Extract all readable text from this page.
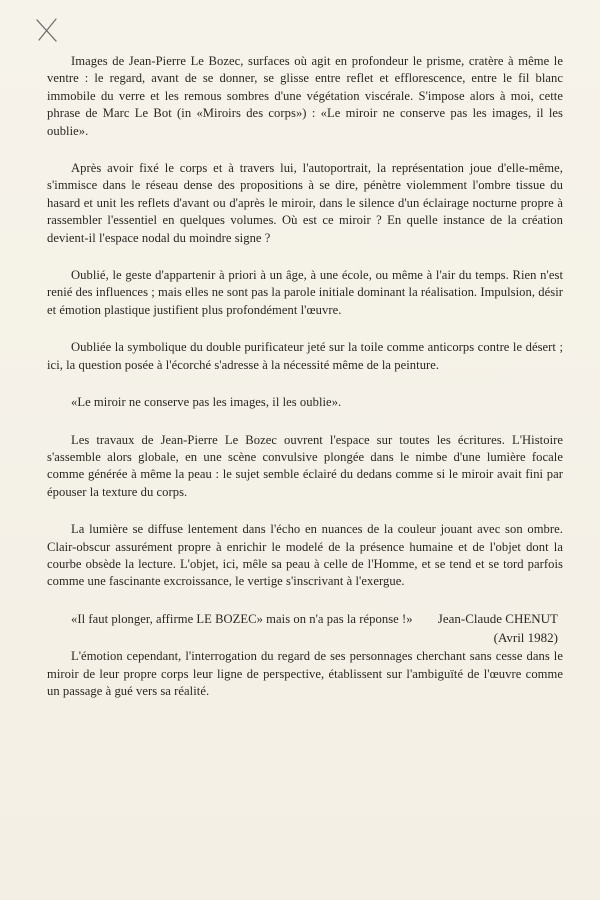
Images de Jean-Pierre Le Bozec, surfaces où agit en profondeur le prisme, cratère à même le ventre : le regard, avant de se donner, se glisse entre reflet et efflorescence, entre le fil blanc immobile du verre et les remous sombres d'une végétation viscérale. S'impose alors à moi, cette phrase de Marc Le Bot (in «Miroirs des corps») : «Le miroir ne conserve pas les images, il les oublie».

Après avoir fixé le corps et à travers lui, l'autoportrait, la représentation joue d'elle-même, s'immisce dans le réseau dense des propositions à se dire, pénètre violemment l'ombre tissue du hasard et unit les reflets d'avant ou d'après le miroir, dans le silence d'un éclairage nocturne propre à rassembler l'essentiel en quelques volumes. Où est ce miroir ? En quelle instance de la création devient-il l'espace nodal du moindre signe ?

Oublié, le geste d'appartenir à priori à un âge, à une école, ou même à l'air du temps. Rien n'est renié des influences ; mais elles ne sont pas la parole initiale dominant la réalisation. Impulsion, désir et émotion plastique justifient plus profondément l'œuvre.

Oubliée la symbolique du double purificateur jeté sur la toile comme anticorps contre le désert ; ici, la question posée à l'écorché s'adresse à la nécessité même de la peinture.

«Le miroir ne conserve pas les images, il les oublie».

Les travaux de Jean-Pierre Le Bozec ouvrent l'espace sur toutes les écritures. L'Histoire s'assemble alors globale, en une scène convulsive plongée dans le nimbe d'une lumière focale comme générée à même la peau : le sujet semble éclairé du dedans comme si le miroir avait fini par épouser la texture du corps.

La lumière se diffuse lentement dans l'écho en nuances de la couleur jouant avec son ombre. Clair-obscur assurément propre à enrichir le modelé de la présence humaine et de l'objet dont la courbe obsède la lecture. L'objet, ici, mêle sa peau à celle de l'Homme, et se tend et se tord parfois comme une fascinante excroissance, le vertige s'inscrivant à l'exergue.

«Il faut plonger, affirme LE BOZEC» mais on n'a pas la réponse !»

L'émotion cependant, l'interrogation du regard de ses personnages cherchant sans cesse dans le miroir de leur propre corps leur ligne de perspective, établissent sur l'ambiguïté de l'œuvre comme un passage à gué vers sa réalité.

Jean-Claude CHENUT
(Avril 1982)
